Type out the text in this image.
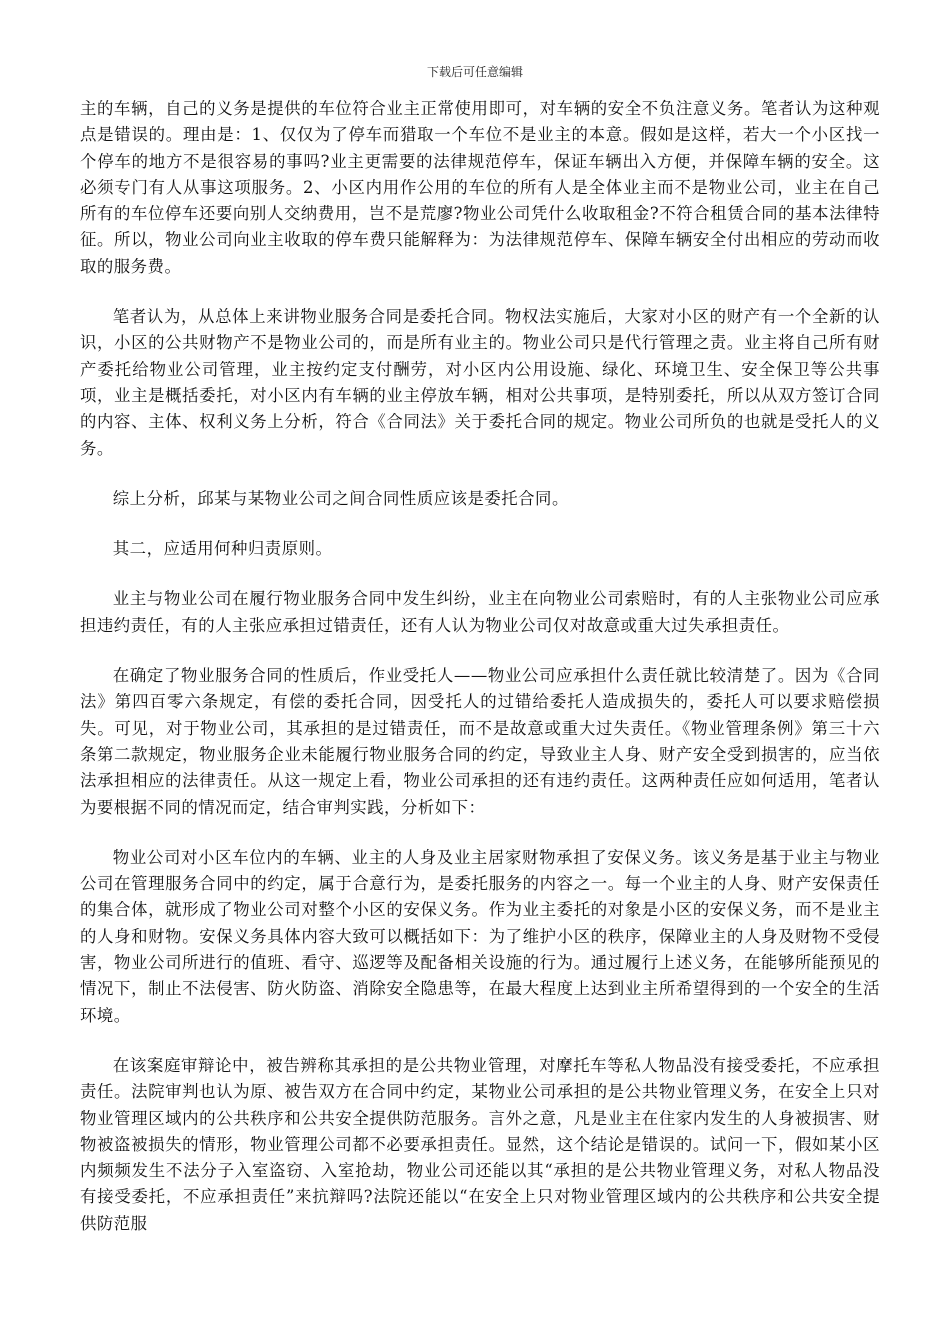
下载后可任意编辑

主的车辆，自己的义务是提供的车位符合业主正常使用即可，对车辆的安全不负注意义务。笔者认为这种观点是错误的。理由是：1、仅仅为了停车而猎取一个车位不是业主的本意。假如是这样，若大一个小区找一个停车的地方不是很容易的事吗?业主更需要的法律规范停车，保证车辆出入方便，并保障车辆的安全。这必须专门有人从事这项服务。2、小区内用作公用的车位的所有人是全体业主而不是物业公司，业主在自己所有的车位停车还要向别人交纳费用，岂不是荒廖?物业公司凭什么收取租金?不符合租赁合同的基本法律特征。所以，物业公司向业主收取的停车费只能解释为：为法律规范停车、保障车辆安全付出相应的劳动而收取的服务费。

笔者认为，从总体上来讲物业服务合同是委托合同。物权法实施后，大家对小区的财产有一个全新的认识，小区的公共财物产不是物业公司的，而是所有业主的。物业公司只是代行管理之责。业主将自己所有财产委托给物业公司管理，业主按约定支付酬劳，对小区内公用设施、绿化、环境卫生、安全保卫等公共事项，业主是概括委托，对小区内有车辆的业主停放车辆，相对公共事项，是特别委托，所以从双方签订合同的内容、主体、权利义务上分析，符合《合同法》关于委托合同的规定。物业公司所负的也就是受托人的义务。

综上分析，邱某与某物业公司之间合同性质应该是委托合同。

其二，应适用何种归责原则。

业主与物业公司在履行物业服务合同中发生纠纷，业主在向物业公司索赔时，有的人主张物业公司应承担违约责任，有的人主张应承担过错责任，还有人认为物业公司仅对故意或重大过失承担责任。

在确定了物业服务合同的性质后，作业受托人——物业公司应承担什么责任就比较清楚了。因为《合同法》第四百零六条规定，有偿的委托合同，因受托人的过错给委托人造成损失的，委托人可以要求赔偿损失。可见，对于物业公司，其承担的是过错责任，而不是故意或重大过失责任。《物业管理条例》第三十六条第二款规定，物业服务企业未能履行物业服务合同的约定，导致业主人身、财产安全受到损害的，应当依法承担相应的法律责任。从这一规定上看，物业公司承担的还有违约责任。这两种责任应如何适用，笔者认为要根据不同的情况而定，结合审判实践，分析如下：

物业公司对小区车位内的车辆、业主的人身及业主居家财物承担了安保义务。该义务是基于业主与物业公司在管理服务合同中的约定，属于合意行为，是委托服务的内容之一。每一个业主的人身、财产安保责任的集合体，就形成了物业公司对整个小区的安保义务。作为业主委托的对象是小区的安保义务，而不是业主的人身和财物。安保义务具体内容大致可以概括如下：为了维护小区的秩序，保障业主的人身及财物不受侵害，物业公司所进行的值班、看守、巡逻等及配备相关设施的行为。通过履行上述义务，在能够所能预见的情况下，制止不法侵害、防火防盗、消除安全隐患等，在最大程度上达到业主所希望得到的一个安全的生活环境。

在该案庭审辩论中，被告辨称其承担的是公共物业管理，对摩托车等私人物品没有接受委托，不应承担责任。法院审判也认为原、被告双方在合同中约定，某物业公司承担的是公共物业管理义务，在安全上只对物业管理区域内的公共秩序和公共安全提供防范服务。言外之意，凡是业主在住家内发生的人身被损害、财物被盗被损失的情形，物业管理公司都不必要承担责任。显然，这个结论是错误的。试问一下，假如某小区内频频发生不法分子入室盗窃、入室抢劫，物业公司还能以其“承担的是公共物业管理义务，对私人物品没有接受委托，不应承担责任”来抗辩吗?法院还能以“在安全上只对物业管理区域内的公共秩序和公共安全提供防范服
